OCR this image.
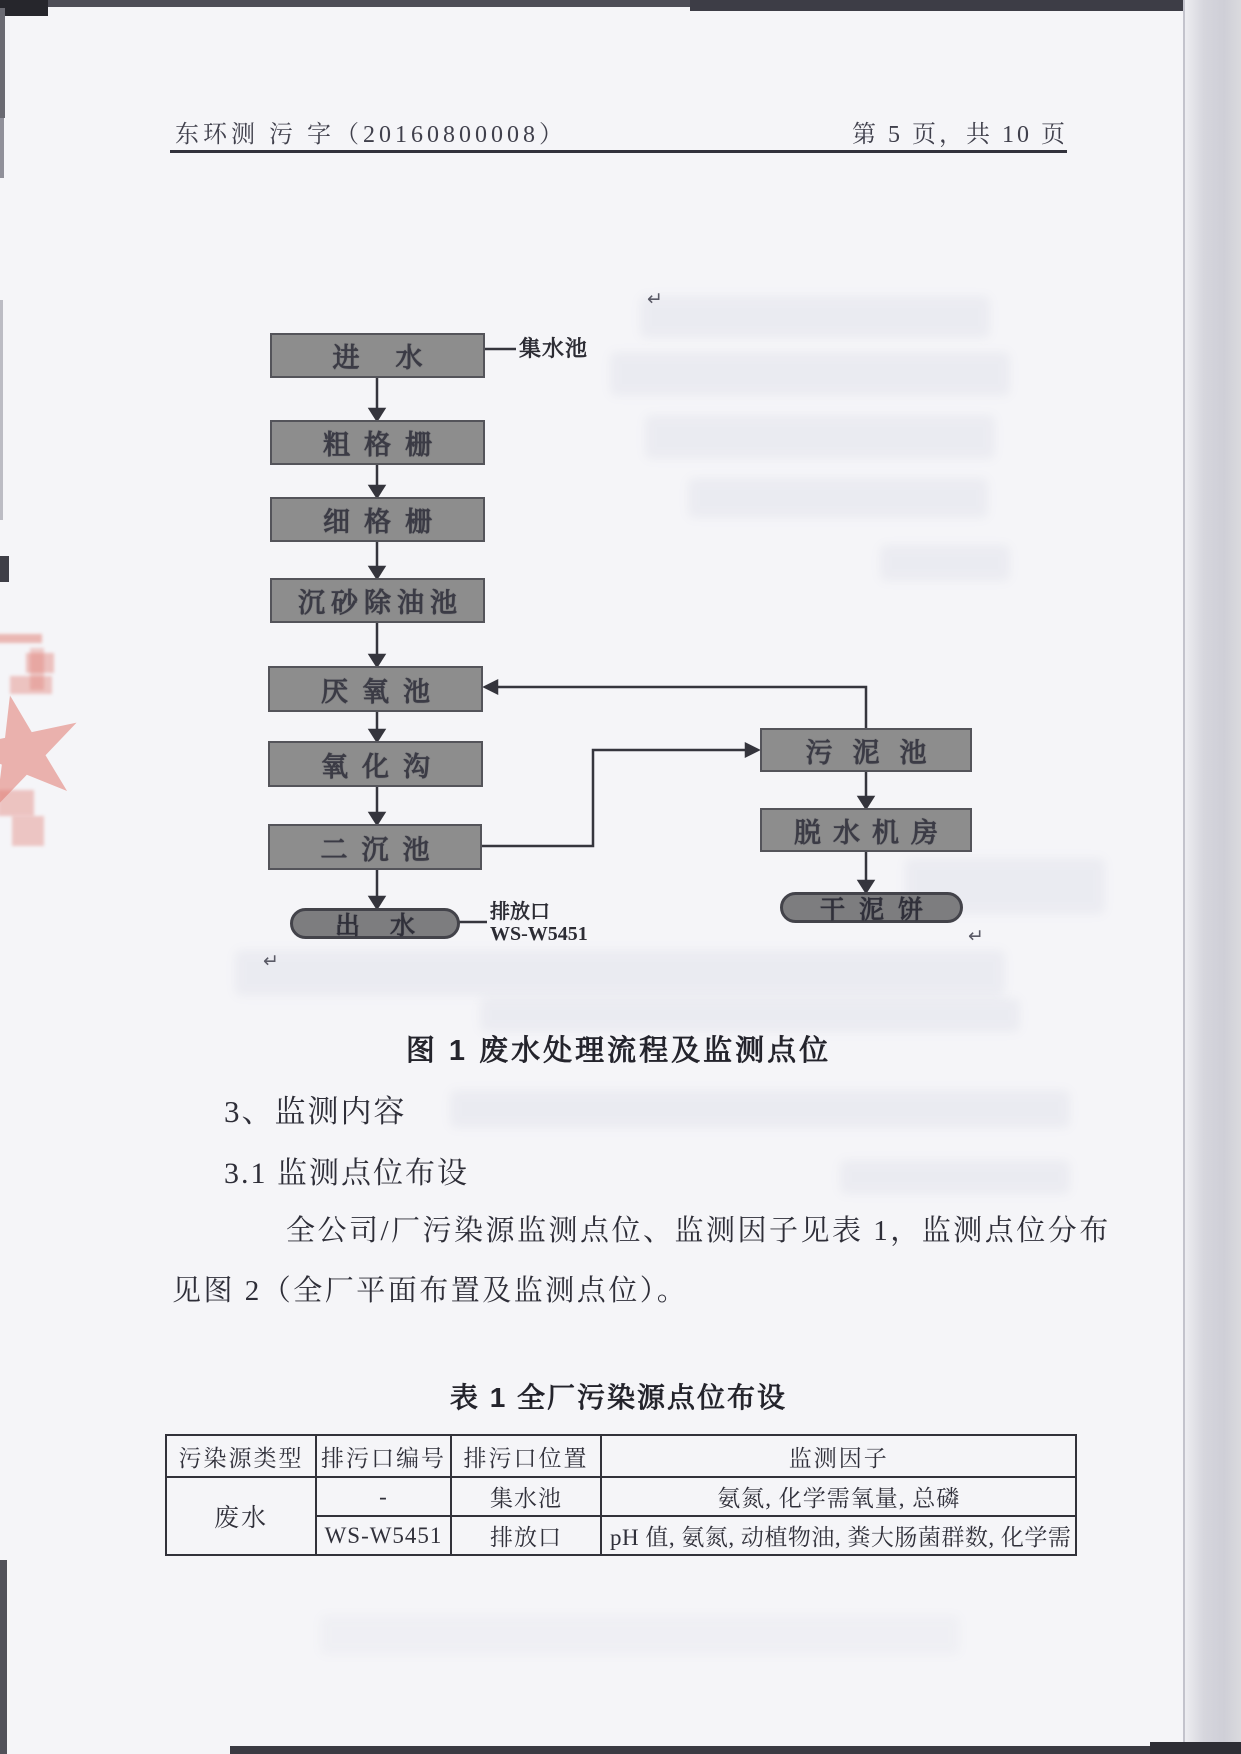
东环测 污 字（20160800008）	第 5 页，共 10 页
进水
粗格栅
细格栅
沉砂除油池
厌氧池
氧化沟
二沉池
出水
污泥池
脱水机房
干泥饼
集水池
排放口
WS-W5451
↵
↵
↵
图 1 废水处理流程及监测点位
3、监测内容
3.1 监测点位布设
全公司/厂污染源监测点位、监测因子见表 1，监测点位分布
见图 2（全厂平面布置及监测点位）。
表 1 全厂污染源点位布设
污染源类型	排污口编号	排污口位置	监测因子
废水	-	集水池	氨氮, 化学需氧量, 总磷
	WS-W5451	排放口	pH 值, 氨氮, 动植物油, 粪大肠菌群数, 化学需
